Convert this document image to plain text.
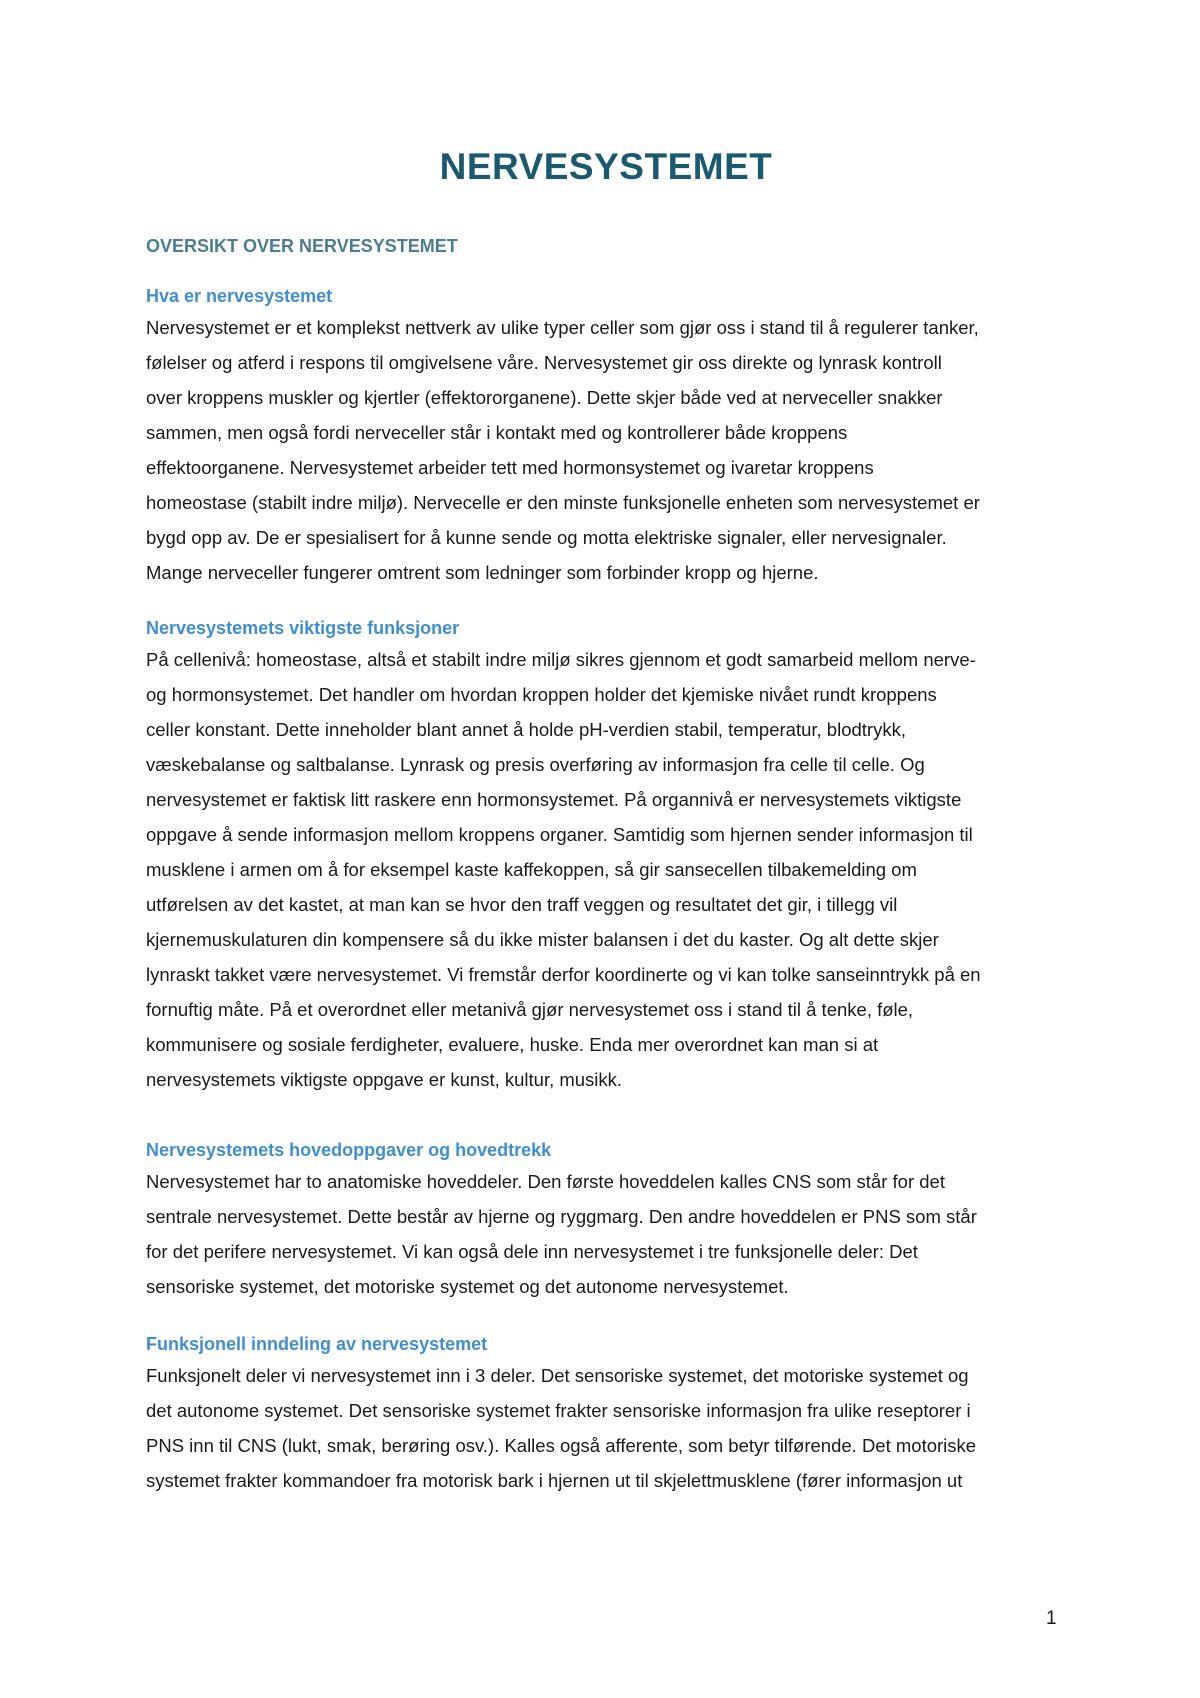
NERVESYSTEMET
OVERSIKT OVER NERVESYSTEMET
Hva er nervesystemet
Nervesystemet er et komplekst nettverk av ulike typer celler som gjør oss i stand til å regulerer tanker,
følelser og atferd i respons til omgivelsene våre. Nervesystemet gir oss direkte og lynrask kontroll
over kroppens muskler og kjertler (effektororganene). Dette skjer både ved at nerveceller snakker
sammen, men også fordi nerveceller står i kontakt med og kontrollerer både kroppens
effektoorganene. Nervesystemet arbeider tett med hormonsystemet og ivaretar kroppens
homeostase (stabilt indre miljø). Nervecelle er den minste funksjonelle enheten som nervesystemet er
bygd opp av. De er spesialisert for å kunne sende og motta elektriske signaler, eller nervesignaler.
Mange nerveceller fungerer omtrent som ledninger som forbinder kropp og hjerne.
Nervesystemets viktigste funksjoner
På cellenivå: homeostase, altså et stabilt indre miljø sikres gjennom et godt samarbeid mellom nerve-
og hormonsystemet. Det handler om hvordan kroppen holder det kjemiske nivået rundt kroppens
celler konstant. Dette inneholder blant annet å holde pH-verdien stabil, temperatur, blodtrykk,
væskebalanse og saltbalanse. Lynrask og presis overføring av informasjon fra celle til celle. Og
nervesystemet er faktisk litt raskere enn hormonsystemet. På organnivå er nervesystemets viktigste
oppgave å sende informasjon mellom kroppens organer. Samtidig som hjernen sender informasjon til
musklene i armen om å for eksempel kaste kaffekoppen, så gir sansecellen tilbakemelding om
utførelsen av det kastet, at man kan se hvor den traff veggen og resultatet det gir, i tillegg vil
kjernemuskulaturen din kompensere så du ikke mister balansen i det du kaster. Og alt dette skjer
lynraskt takket være nervesystemet. Vi fremstår derfor koordinerte og vi kan tolke sanseinntrykk på en
fornuftig måte. På et overordnet eller metanivå gjør nervesystemet oss i stand til å tenke, føle,
kommunisere og sosiale ferdigheter, evaluere, huske. Enda mer overordnet kan man si at
nervesystemets viktigste oppgave er kunst, kultur, musikk.
Nervesystemets hovedoppgaver og hovedtrekk
Nervesystemet har to anatomiske hoveddeler. Den første hoveddelen kalles CNS som står for det
sentrale nervesystemet. Dette består av hjerne og ryggmarg. Den andre hoveddelen er PNS som står
for det perifere nervesystemet. Vi kan også dele inn nervesystemet i tre funksjonelle deler: Det
sensoriske systemet, det motoriske systemet og det autonome nervesystemet.
Funksjonell inndeling av nervesystemet
Funksjonelt deler vi nervesystemet inn i 3 deler. Det sensoriske systemet, det motoriske systemet og
det autonome systemet. Det sensoriske systemet frakter sensoriske informasjon fra ulike reseptorer i
PNS inn til CNS (lukt, smak, berøring osv.). Kalles også afferente, som betyr tilførende. Det motoriske
systemet frakter kommandoer fra motorisk bark i hjernen ut til skjelettmusklene (fører informasjon ut
1
